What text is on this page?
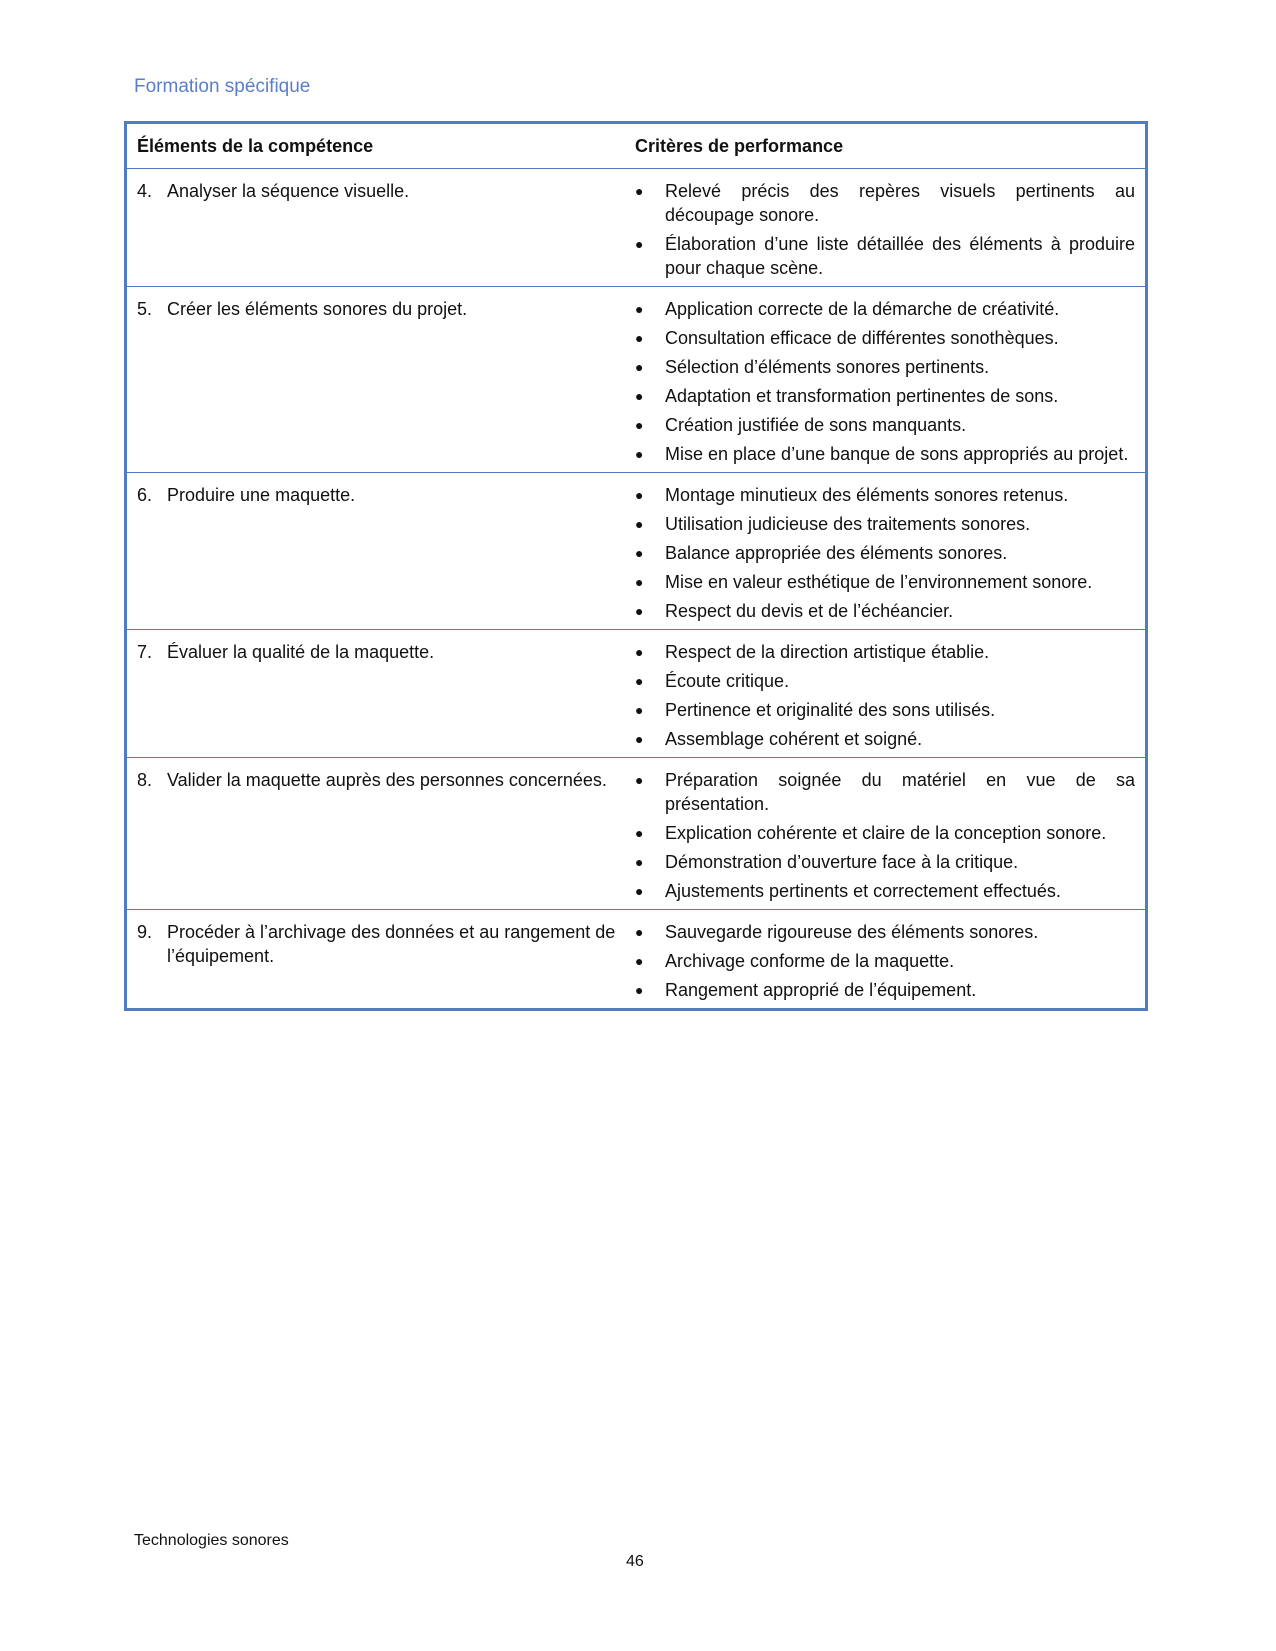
Formation spécifique
Éléments de la compétence	Critères de performance
4. Analyser la séquence visuelle.	●	Relevé précis des repères visuels pertinents au découpage sonore.
●	Élaboration d’une liste détaillée des éléments à produire pour chaque scène.
5. Créer les éléments sonores du projet.	●	Application correcte de la démarche de créativité.
●	Consultation efficace de différentes sonothèques.
●	Sélection d’éléments sonores pertinents.
●	Adaptation et transformation pertinentes de sons.
●	Création justifiée de sons manquants.
●	Mise en place d’une banque de sons appropriés au projet.
6. Produire une maquette.	●	Montage minutieux des éléments sonores retenus.
●	Utilisation judicieuse des traitements sonores.
●	Balance appropriée des éléments sonores.
●	Mise en valeur esthétique de l’environnement sonore.
●	Respect du devis et de l’échéancier.
7. Évaluer la qualité de la maquette.	●	Respect de la direction artistique établie.
●	Écoute critique.
●	Pertinence et originalité des sons utilisés.
●	Assemblage cohérent et soigné.
8. Valider la maquette auprès des personnes concernées. ●	Préparation soignée du matériel en vue de sa présentation.
●	Explication cohérente et claire de la conception sonore.
●	Démonstration d’ouverture face à la critique.
●	Ajustements pertinents et correctement effectués.
9. Procéder à l’archivage des données et au rangement de l’équipement.
●	Sauvegarde rigoureuse des éléments sonores.
●	Archivage conforme de la maquette.
●	Rangement approprié de l’équipement.
Technologies sonores
46
